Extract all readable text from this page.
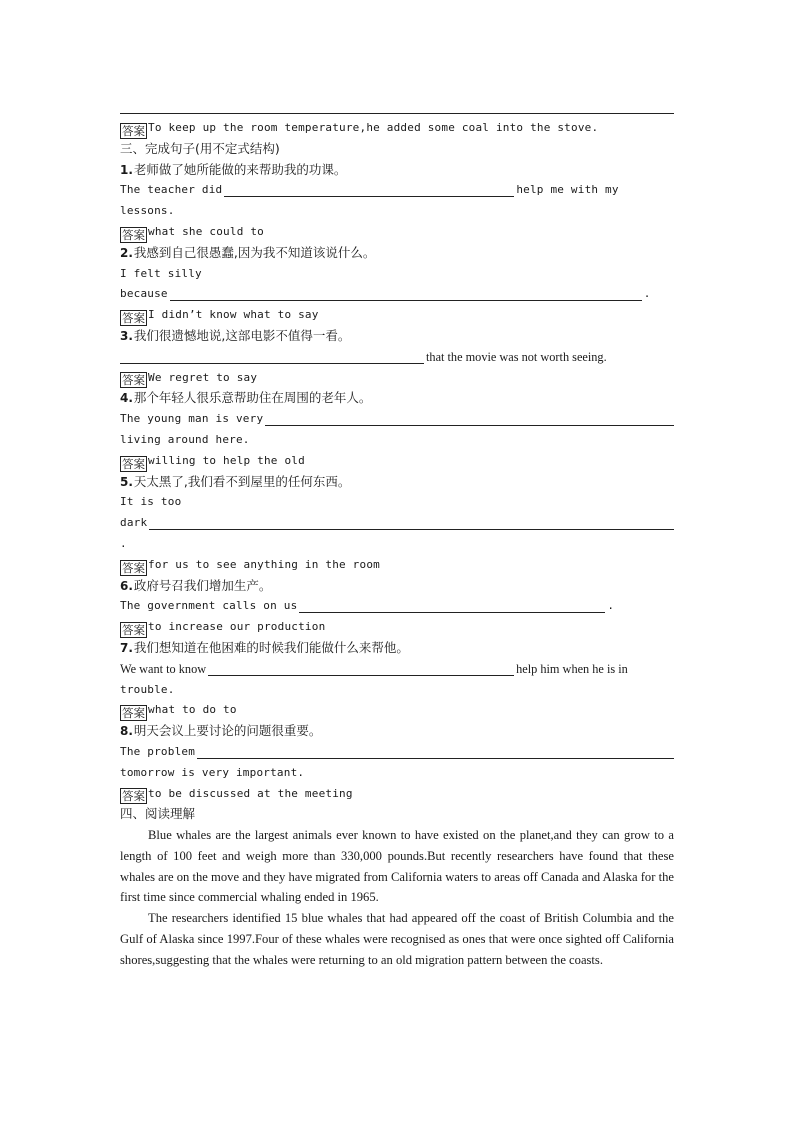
答案 To keep up the room temperature,he added some coal into the stove.
三、完成句子(用不定式结构)
1. 老师做了她所能做的来帮助我的功课。
The teacher did	help me with my
lessons.
答案 what she could to
2. 我感到自己很愚蠢,因为我不知道该说什么。
I felt silly
because	.
答案 I didn’t know what to say
3. 我们很遗憾地说,这部电影不值得一看。
that the movie was not worth seeing.
答案 We regret to say
4. 那个年轻人很乐意帮助住在周围的老年人。
The young man is very
living around here.
答案 willing to help the old
5. 天太黑了,我们看不到屋里的任何东西。
It is too
dark
.
答案 for us to see anything in the room
6. 政府号召我们增加生产。
The government calls on us	.
答案 to increase our production
7. 我们想知道在他困难的时候我们能做什么来帮他。
We want to know	help him when he is in
trouble.
答案 what to do to
8. 明天会议上要讨论的问题很重要。
The problem
tomorrow is very important.
答案 to be discussed at the meeting
四、阅读理解

Blue whales are the largest animals ever known to have existed on the planet,and they can grow to a length of 100 feet and weigh more than 330,000 pounds.But recently researchers have found that these whales are on the move and they have migrated from California waters to areas off Canada and Alaska for the first time since commercial whaling ended in 1965.

The researchers identified 15 blue whales that had appeared off the coast of British Columbia and the Gulf of Alaska since 1997.Four of these whales were recognised as ones that were once sighted off California shores,suggesting that the whales were returning to an old migration pattern between the coasts.
